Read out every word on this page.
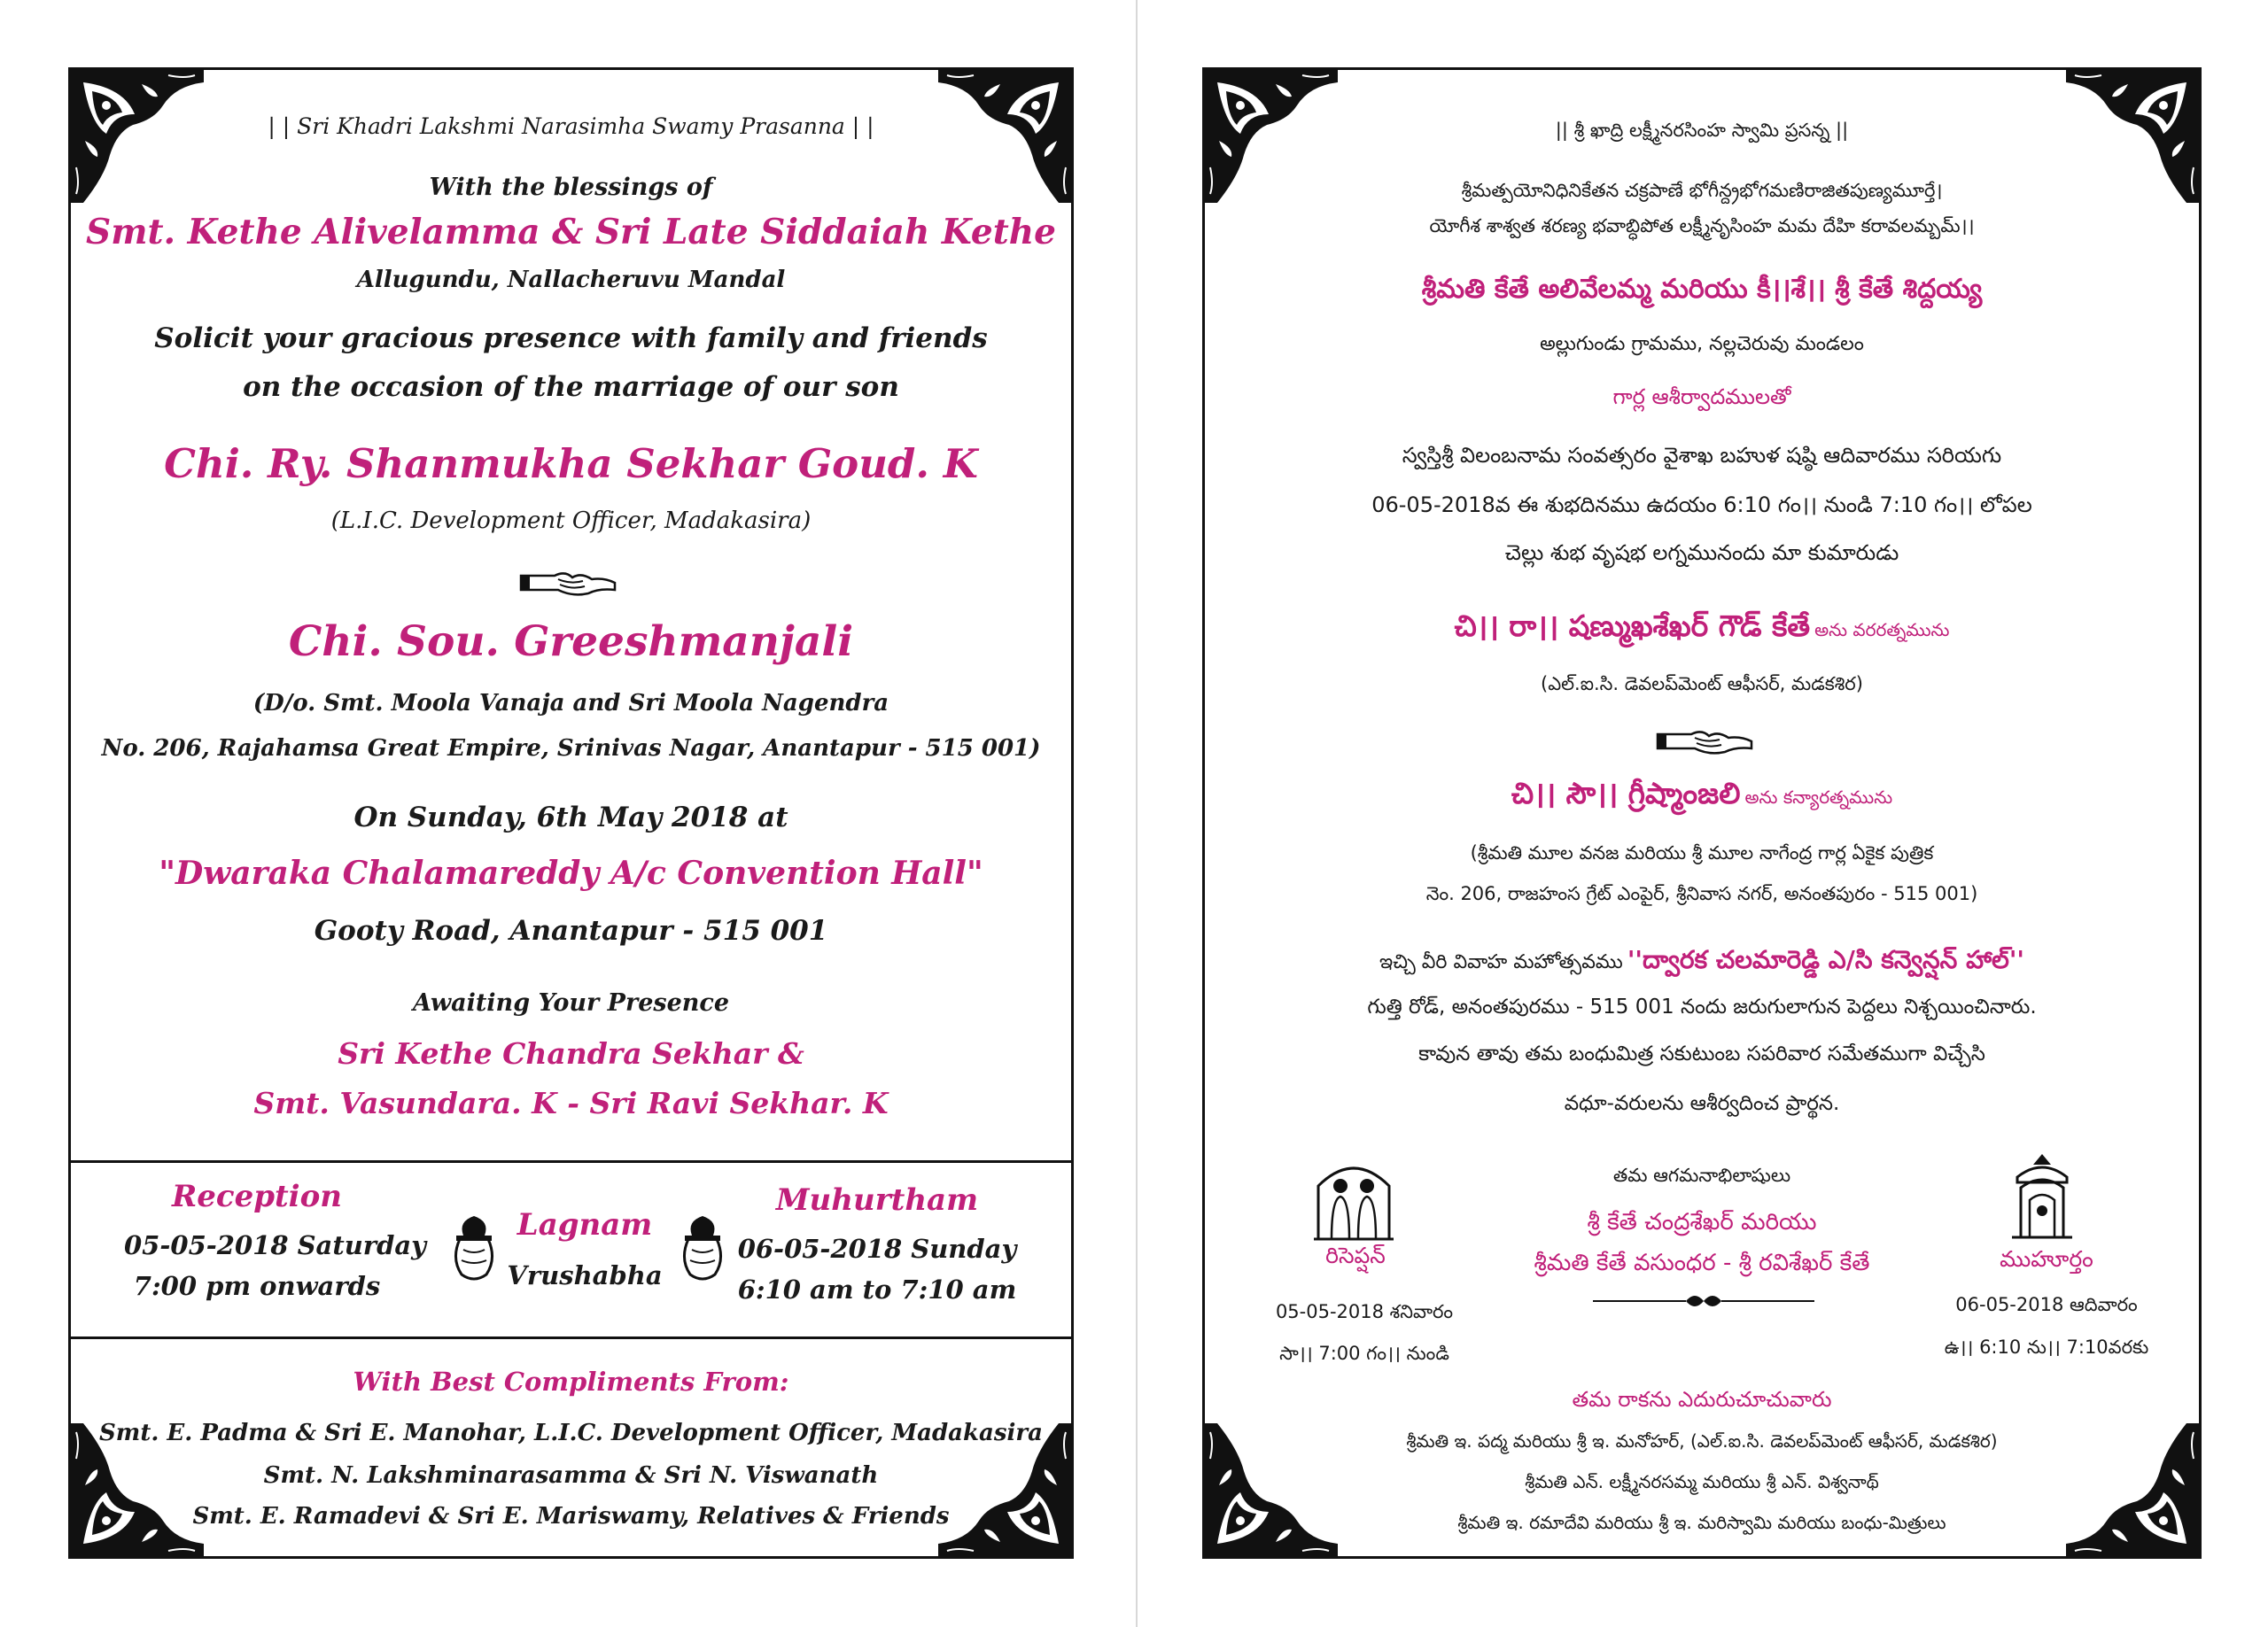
| | Sri Khadri Lakshmi Narasimha Swamy Prasanna | |
With the blessings of
Smt. Kethe Alivelamma & Sri Late Siddaiah Kethe
Allugundu, Nallacheruvu Mandal
Solicit your gracious presence with family and friends
on the occasion of the marriage of our son
Chi. Ry. Shanmukha Sekhar Goud. K
(L.I.C. Development Officer, Madakasira)
Chi. Sou. Greeshmanjali
(D/o. Smt. Moola Vanaja and Sri Moola Nagendra
No. 206, Rajahamsa Great Empire, Srinivas Nagar, Anantapur - 515 001)
On Sunday, 6th May 2018 at
"Dwaraka Chalamareddy A/c Convention Hall"
Gooty Road, Anantapur - 515 001
Awaiting Your Presence
Sri Kethe Chandra Sekhar &
Smt. Vasundara. K - Sri Ravi Sekhar. K
Reception
05-05-2018 Saturday
7:00 pm onwards
Lagnam
Vrushabha
Muhurtham
06-05-2018 Sunday
6:10 am to 7:10 am
With Best Compliments From:
Smt. E. Padma & Sri E. Manohar, L.I.C. Development Officer, Madakasira
Smt. N. Lakshminarasamma & Sri N. Viswanath
Smt. E. Ramadevi & Sri E. Mariswamy, Relatives & Friends
|| శ్రీ ఖాద్రి లక్ష్మీనరసింహ స్వామి ప్రసన్న ||
శ్రీమత్పయోనిధినికేతన చక్రపాణే భోగీన్ద్రభోగమణిరాజితపుణ్యమూర్తే।
యోగీశ శాశ్వత శరణ్య భవాబ్ధిపోత లక్ష్మీనృసింహ మమ దేహి కరావలమ్బమ్।।
శ్రీమతి కేతే అలివేలమ్మ మరియు కీ।।శే।। శ్రీ కేతే శిద్దయ్య
అల్లుగుండు గ్రామము, నల్లచెరువు మండలం
గార్ల ఆశీర్వాదములతో
స్వస్తిశ్రీ విలంబనామ సంవత్సరం వైశాఖ బహుళ షష్ఠి ఆదివారము సరియగు
06-05-2018వ ఈ శుభదినము ఉదయం 6:10 గం।। నుండి 7:10 గం।। లోపల
చెల్లు శుభ వృషభ లగ్నమునందు మా కుమారుడు
చి।। రా।। షణ్ముఖశేఖర్ గౌడ్ కేతే అను వరరత్నమును
(ఎల్.ఐ.సి. డెవలప్‌మెంట్ ఆఫీసర్, మడకశిర)
చి।। సౌ।। గ్రీష్మాంజలి అను కన్యారత్నమును
(శ్రీమతి మూల వనజ మరియు శ్రీ మూల నాగేంద్ర గార్ల ఏకైక పుత్రిక
నెం. 206, రాజహంస గ్రేట్ ఎంపైర్, శ్రీనివాస నగర్, అనంతపురం - 515 001)
ఇచ్చి వీరి వివాహ మహోత్సవము ''ద్వారక చలమారెడ్డి ఎ/సి కన్వెన్షన్ హాల్''
గుత్తి రోడ్, అనంతపురము - 515 001 నందు జరుగులాగున పెద్దలు నిశ్చయించినారు.
కావున తావు తమ బంధుమిత్ర సకుటుంబ సపరివార సమేతముగా విచ్చేసి
వధూ-వరులను ఆశీర్వదించ ప్రార్థన.
తమ ఆగమనాభిలాషులు
శ్రీ కేతే చంద్రశేఖర్ మరియు
శ్రీమతి కేతే వసుంధర - శ్రీ రవిశేఖర్ కేతే
రిసెప్షన్
05-05-2018 శనివారం
సా।। 7:00 గం।। నుండి
ముహూర్తం
06-05-2018 ఆదివారం
ఉ।। 6:10 ను।। 7:10వరకు
తమ రాకను ఎదురుచూచువారు
శ్రీమతి ఇ. పద్మ మరియు శ్రీ ఇ. మనోహర్, (ఎల్.ఐ.సి. డెవలప్‌మెంట్ ఆఫీసర్, మడకశిర)
శ్రీమతి ఎన్. లక్ష్మీనరసమ్మ మరియు శ్రీ ఎన్. విశ్వనాథ్
శ్రీమతి ఇ. రమాదేవి మరియు శ్రీ ఇ. మరిస్వామి మరియు బంధు-మిత్రులు
